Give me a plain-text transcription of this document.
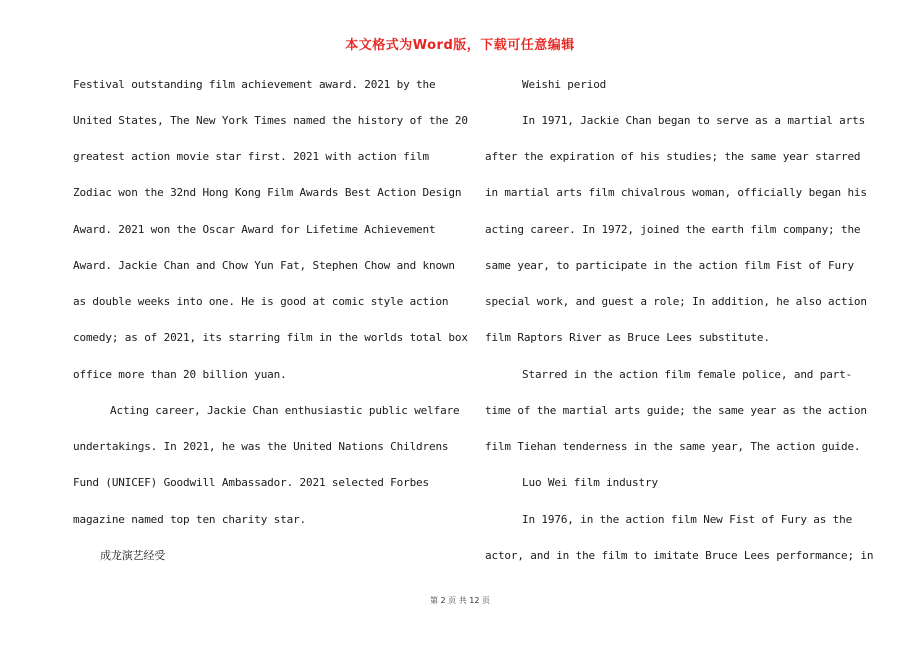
本文格式为Word版，下载可任意编辑
Festival outstanding film achievement award. 2021 by the
United States, The New York Times named the history of the 20
greatest action movie star first. 2021 with action film
Zodiac won the 32nd Hong Kong Film Awards Best Action Design
Award. 2021 won the Oscar Award for Lifetime Achievement
Award. Jackie Chan and Chow Yun Fat, Stephen Chow and known
as double weeks into one. He is good at comic style action
comedy; as of 2021, its starring film in the worlds total box
office more than 20 billion yuan.
Acting career, Jackie Chan enthusiastic public welfare
undertakings. In 2021, he was the United Nations Childrens
Fund (UNICEF) Goodwill Ambassador. 2021 selected Forbes
magazine named top ten charity star.
成龙演艺经受
Weishi period
In 1971, Jackie Chan began to serve as a martial arts
after the expiration of his studies; the same year starred
in martial arts film chivalrous woman, officially began his
acting career. In 1972, joined the earth film company; the
same year, to participate in the action film Fist of Fury
special work, and guest a role; In addition, he also action
film Raptors River as Bruce Lees substitute.
Starred in the action film female police, and part-
time of the martial arts guide; the same year as the action
film Tiehan tenderness in the same year, The action guide.
Luo Wei film industry
In 1976, in the action film New Fist of Fury as the
actor, and in the film to imitate Bruce Lees performance; in
第 2 页 共 12 页
